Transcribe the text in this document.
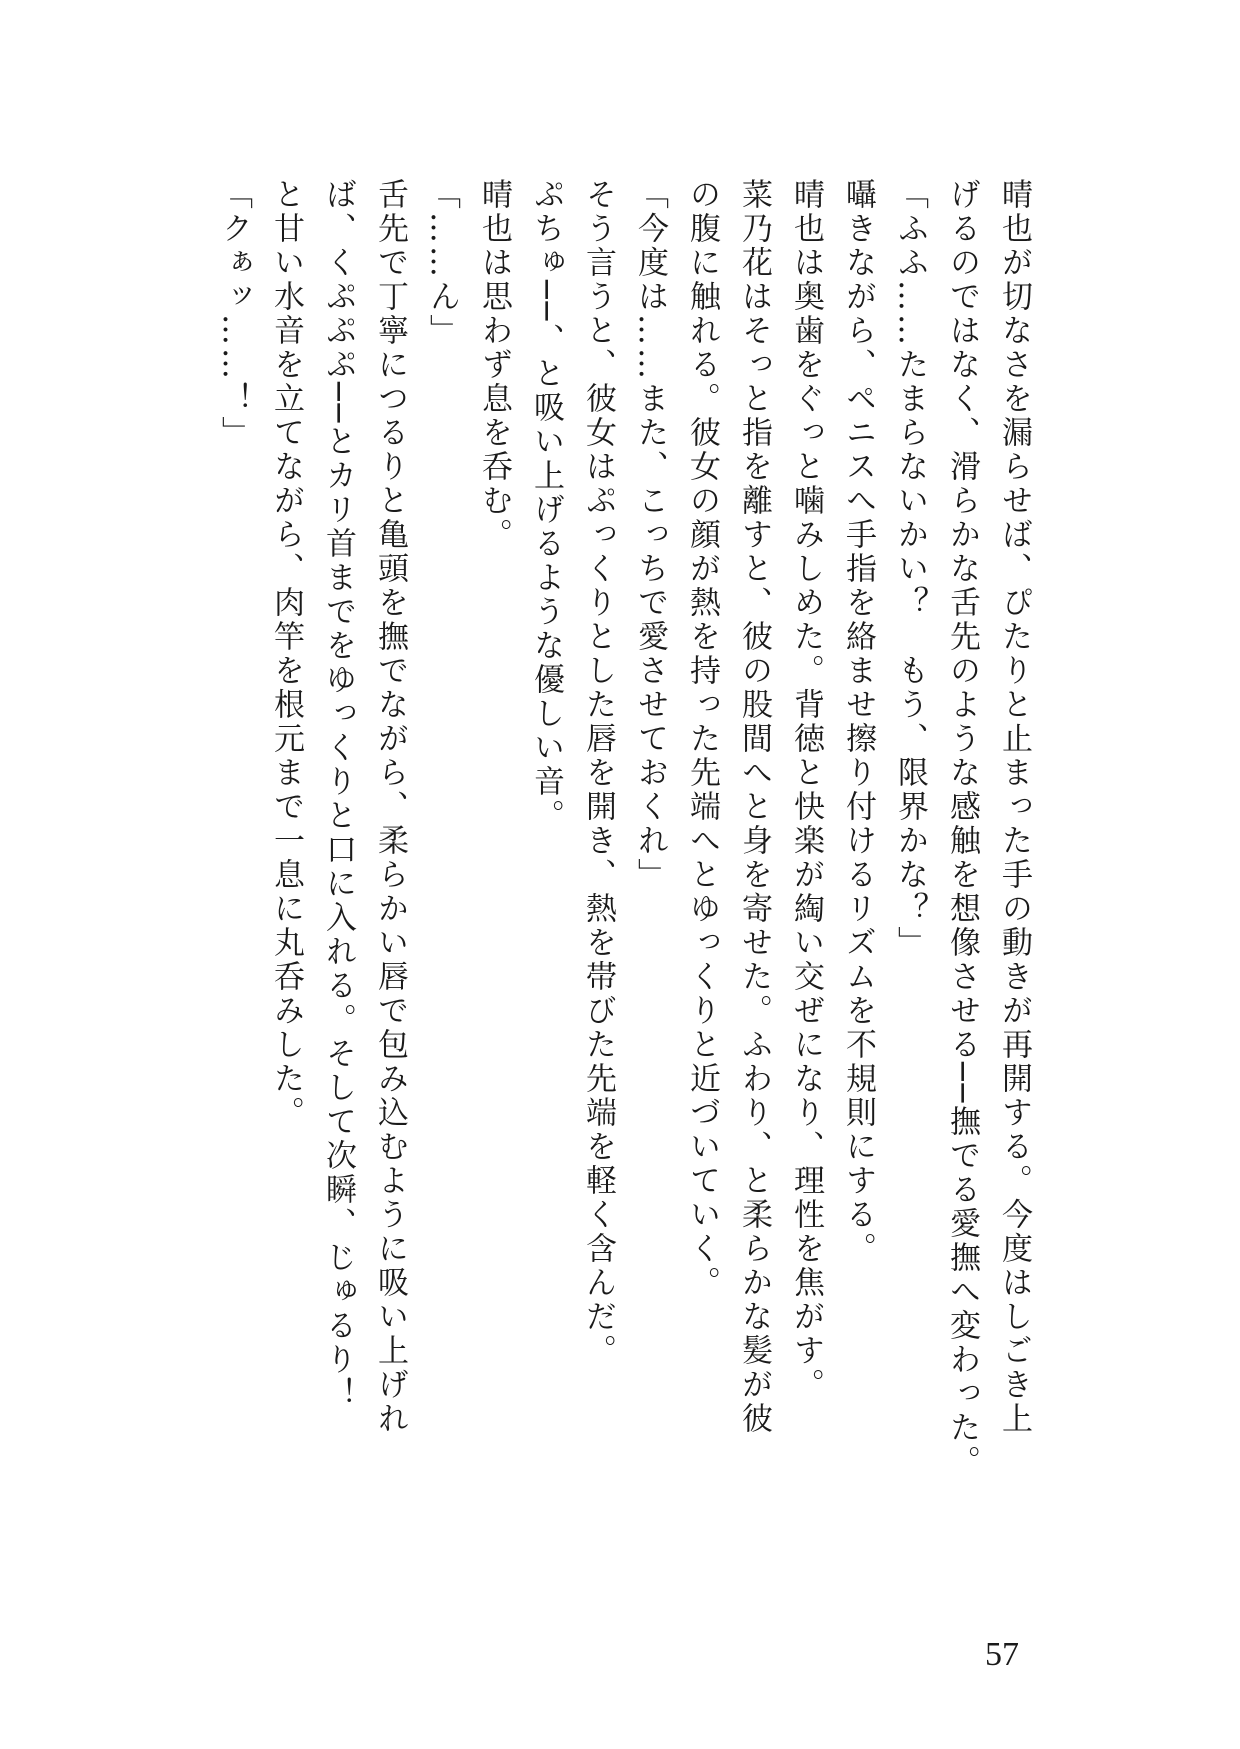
晴也が切なさを漏らせば、ぴたりと止まった手の動きが再開する。今度はしごき上
げるのではなく、滑らかな舌先のような感触を想像させる──撫でる愛撫へ変わった。
「ふふ……たまらないかい？　もう、限界かな？」
囁きながら、ペニスへ手指を絡ませ擦り付けるリズムを不規則にする。
晴也は奥歯をぐっと噛みしめた。背徳と快楽が綯い交ぜになり、理性を焦がす。
菜乃花はそっと指を離すと、彼の股間へと身を寄せた。ふわり、と柔らかな髪が彼
の腹に触れる。彼女の顔が熱を持った先端へとゆっくりと近づいていく。
「今度は……また、こっちで愛させておくれ」
そう言うと、彼女はぷっくりとした唇を開き、熱を帯びた先端を軽く含んだ。
ぷちゅ──、と吸い上げるような優しい音。
晴也は思わず息を呑む。
「……ん」
舌先で丁寧につるりと亀頭を撫でながら、柔らかい唇で包み込むように吸い上げれ
ば、くぷぷぷ──とカリ首までをゆっくりと口に入れる。そして次瞬、じゅるり！
と甘い水音を立てながら、肉竿を根元まで一息に丸呑みした。
「クぁッ……！」
57
